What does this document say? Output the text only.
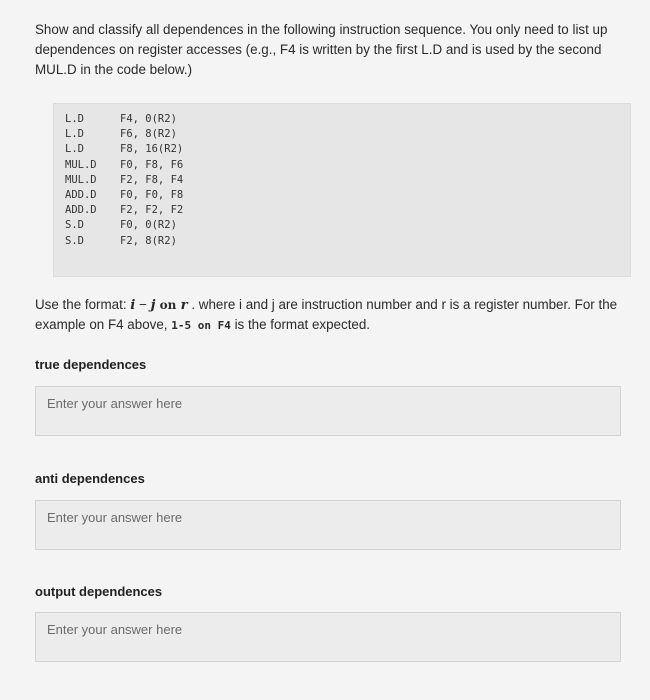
Show and classify all dependences in the following instruction sequence. You only need to list up dependences on register accesses (e.g., F4 is written by the first L.D and is used by the second MUL.D in the code below.)
L.D	F4, 0(R2)
L.D	F6, 8(R2)
L.D	F8, 16(R2)
MUL.D	F0, F8, F6
MUL.D	F2, F8, F4
ADD.D	F0, F0, F8
ADD.D	F2, F2, F2
S.D	F0, 0(R2)
S.D	F2, 8(R2)
Use the format: i − j on r . where i and j are instruction number and r is a register number. For the example on F4 above, 1-5 on F4 is the format expected.
true dependences
Enter your answer here
anti dependences
Enter your answer here
output dependences
Enter your answer here
